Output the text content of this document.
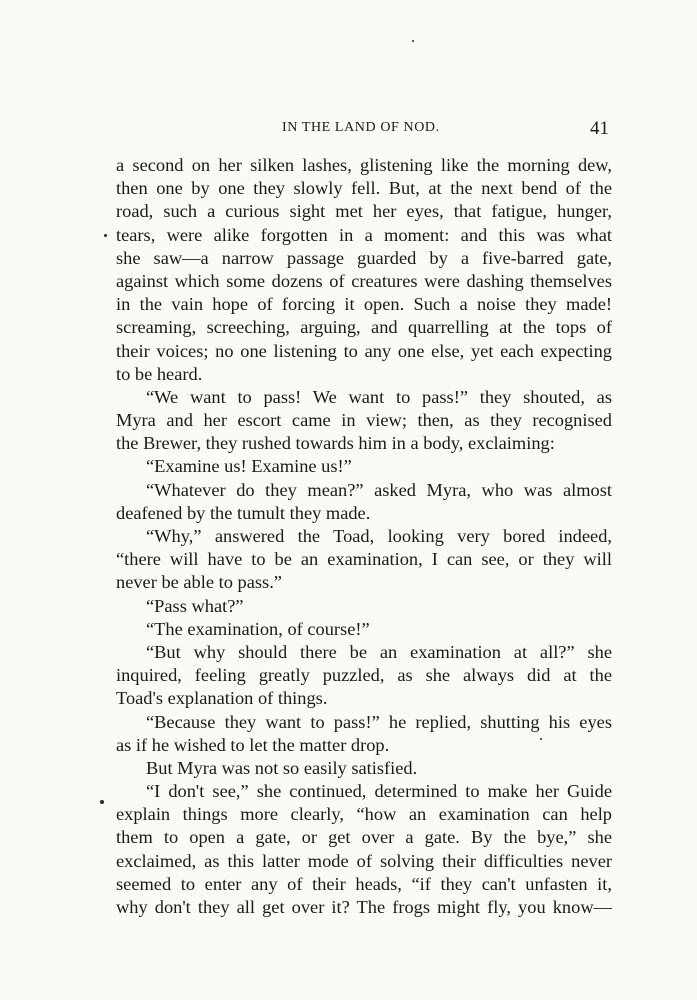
IN THE LAND OF NOD.	41
a second on her silken lashes, glistening like the morning dew,
then one by one they slowly fell. But, at the next bend of the
road, such a curious sight met her eyes, that fatigue, hunger,
tears, were alike forgotten in a moment: and this was what
she saw—a narrow passage guarded by a five-barred gate,
against which some dozens of creatures were dashing themselves
in the vain hope of forcing it open. Such a noise they made!
screaming, screeching, arguing, and quarrelling at the tops of
their voices; no one listening to any one else, yet each expecting
to be heard.
“We want to pass! We want to pass!” they shouted, as
Myra and her escort came in view; then, as they recognised
the Brewer, they rushed towards him in a body, exclaiming:
“Examine us! Examine us!”
“Whatever do they mean?” asked Myra, who was almost
deafened by the tumult they made.
“Why,” answered the Toad, looking very bored indeed,
“there will have to be an examination, I can see, or they will
never be able to pass.”
“Pass what?”
“The examination, of course!”
“But why should there be an examination at all?” she
inquired, feeling greatly puzzled, as she always did at the
Toad's explanation of things.
“Because they want to pass!” he replied, shutting his eyes
as if he wished to let the matter drop.
But Myra was not so easily satisfied.
“I don't see,” she continued, determined to make her Guide
explain things more clearly, “how an examination can help
them to open a gate, or get over a gate. By the bye,” she
exclaimed, as this latter mode of solving their difficulties never
seemed to enter any of their heads, “if they can't unfasten it,
why don't they all get over it? The frogs might fly, you know—
